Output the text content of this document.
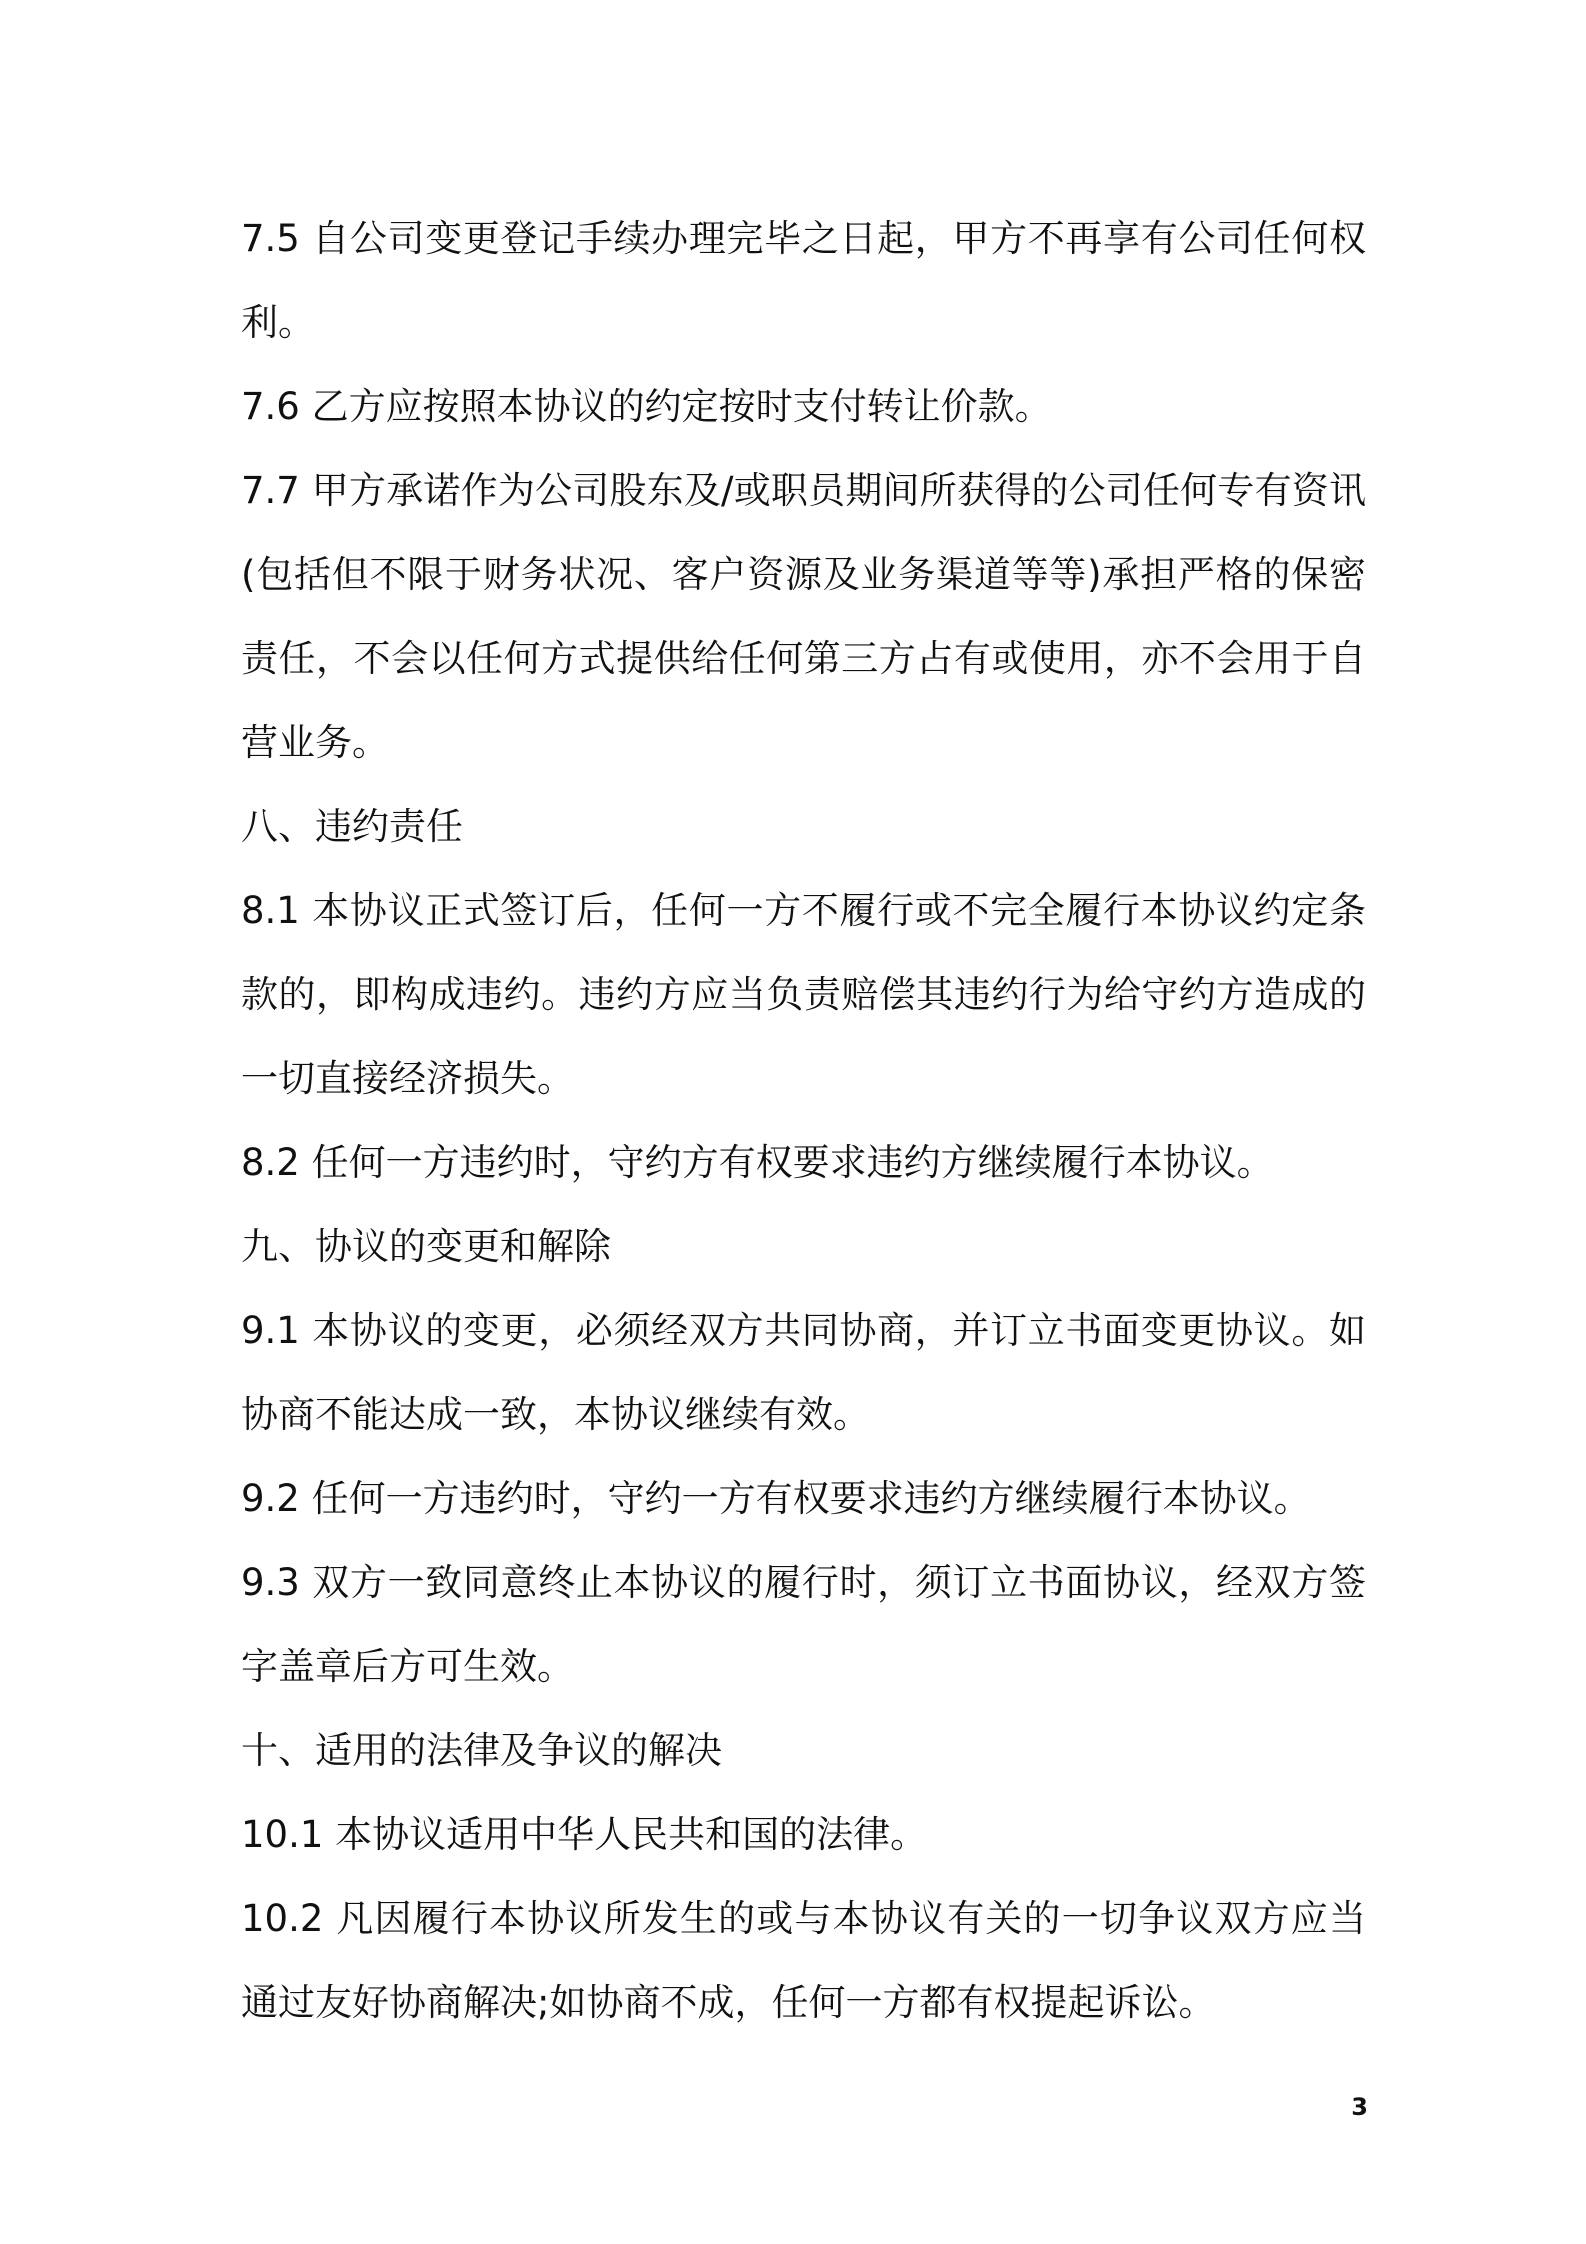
7.5 自公司变更登记手续办理完毕之日起，甲方不再享有公司任何权利。

7.6 乙方应按照本协议的约定按时支付转让价款。

7.7 甲方承诺作为公司股东及/或职员期间所获得的公司任何专有资讯(包括但不限于财务状况、客户资源及业务渠道等等)承担严格的保密责任，不会以任何方式提供给任何第三方占有或使用，亦不会用于自营业务。

八、违约责任

8.1 本协议正式签订后，任何一方不履行或不完全履行本协议约定条款的，即构成违约。违约方应当负责赔偿其违约行为给守约方造成的一切直接经济损失。

8.2 任何一方违约时，守约方有权要求违约方继续履行本协议。

九、协议的变更和解除

9.1 本协议的变更，必须经双方共同协商，并订立书面变更协议。如协商不能达成一致，本协议继续有效。

9.2 任何一方违约时，守约一方有权要求违约方继续履行本协议。

9.3 双方一致同意终止本协议的履行时，须订立书面协议，经双方签字盖章后方可生效。

十、适用的法律及争议的解决

10.1 本协议适用中华人民共和国的法律。

10.2 凡因履行本协议所发生的或与本协议有关的一切争议双方应当通过友好协商解决;如协商不成，任何一方都有权提起诉讼。

3
